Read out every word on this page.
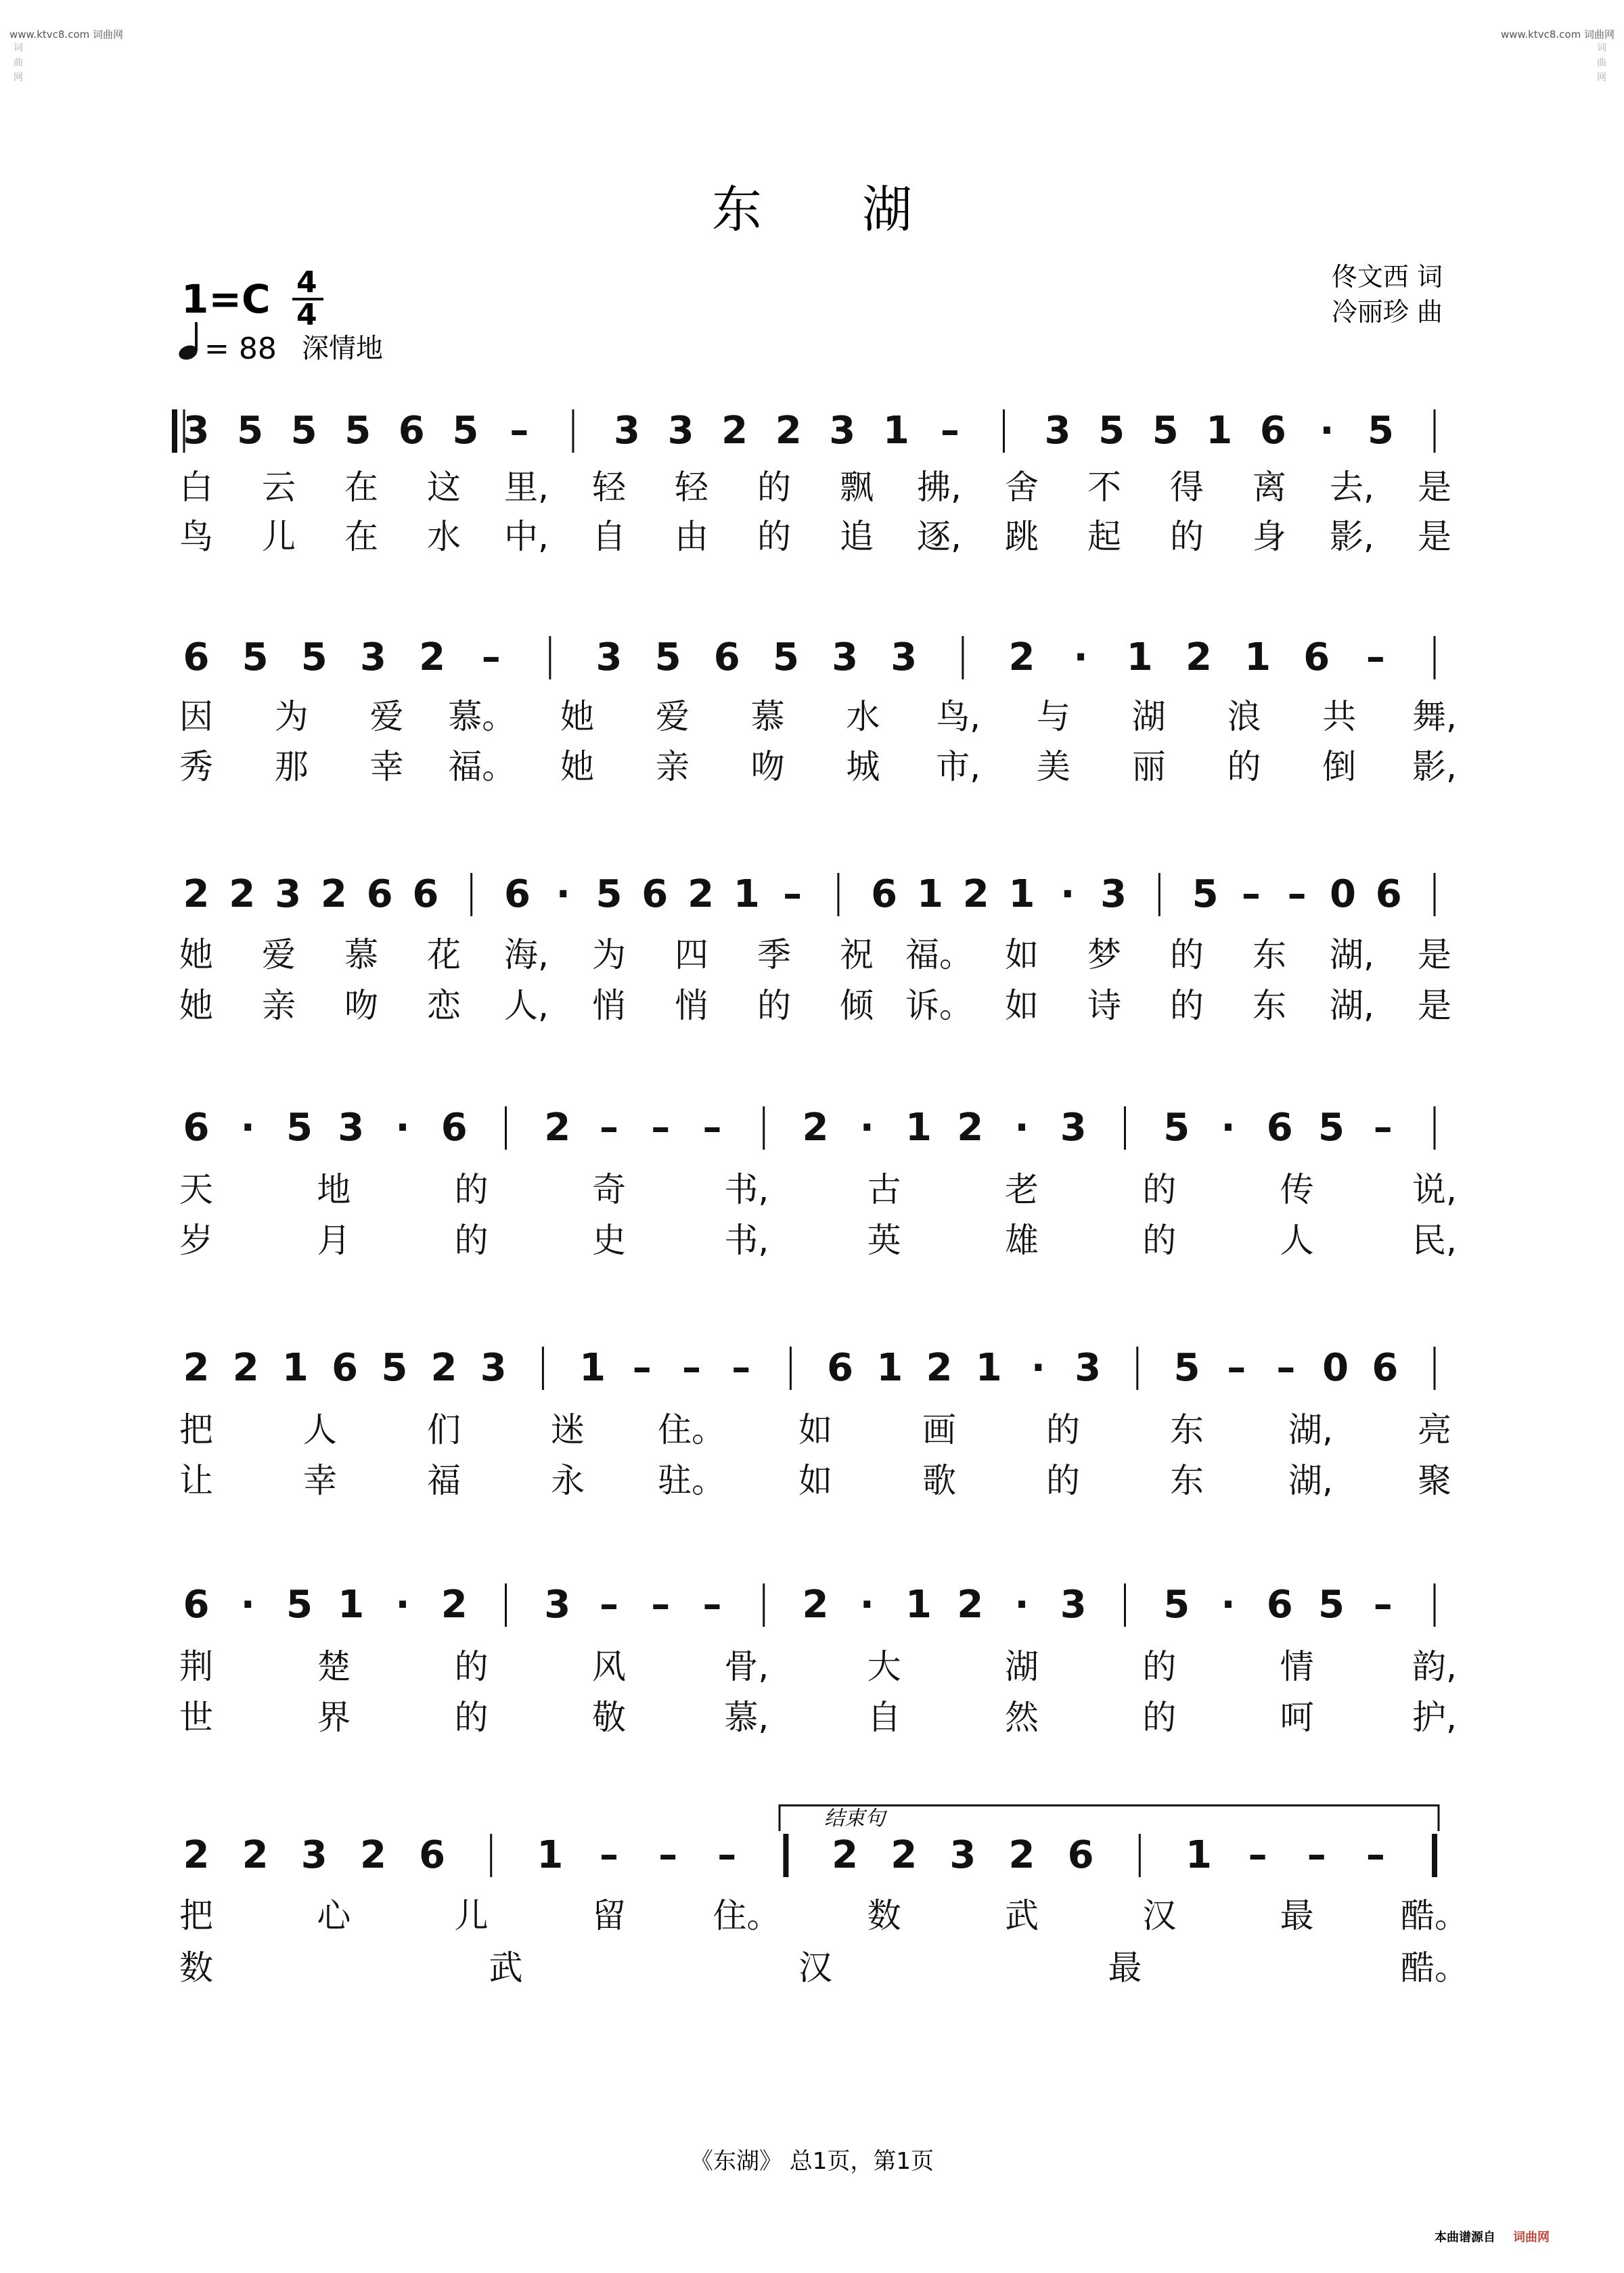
www.ktvc8.com 词曲网	www.ktvc8.com 词曲网
词曲网
词曲网
东　　湖
1=C 4
4
= 88 深情地
佟文西 词
冷丽珍 曲
3 5 5 5 6 5 – 3 3 2 2 3 1 – 3 5 5 1 6 · 5
白 云 在 这 里, 轻 轻 的 飘 拂, 舍 不 得 离 去, 是
鸟 儿 在 水 中, 自 由 的 追 逐, 跳 起 的 身 影, 是
6 5 5 3 2 –	3 5 6 5 3 3 2 · 1 2 1 6 –
因 为 爱 慕。 她 爱 慕 水 鸟, 与 湖 浪 共 舞,
秀 那 幸 福。 她 亲 吻 城 市, 美 丽 的 倒 影,
2 2 3 2 6 6 6 · 5 6 2 1 – 6 1 2 1 · 3 5 – – 0 6
她 爱 慕 花 海, 为 四 季 祝 福。 如 梦 的 东 湖, 是
她 亲 吻 恋 人, 悄 悄 的 倾 诉。 如 诗 的 东 湖, 是
6 · 5 3 · 6 2 – – – 2 · 1 2 · 3 5 · 6 5 –
天	地	的	奇	书,	古	老	的	传	说,
岁	月	的	史	书,	英	雄	的	人	民,
2 2 1 6 5 2 3 1 – – – 6 1 2 1 · 3 5 – – 0 6
把	人	们	迷 住。 如	画	的	东	湖,	亮
让	幸	福	永 驻。 如	歌	的	东	湖,	聚
6 · 5 1 · 2 3 – – – 2 · 1 2 · 3 5 · 6 5 –
荆	楚	的	风	骨,	大	湖	的	情	韵,
世	界	的	敬	慕,	自	然	的	呵	护,
2 2 3 2 6 1 – – –	2 2 3 2 6 1 – – –
把	心	儿	留	住。	数	武	汉	最	酷。
数	武	汉	最	酷。
结束句
《东湖》 总1页，第1页
本曲谱源自 词曲网
